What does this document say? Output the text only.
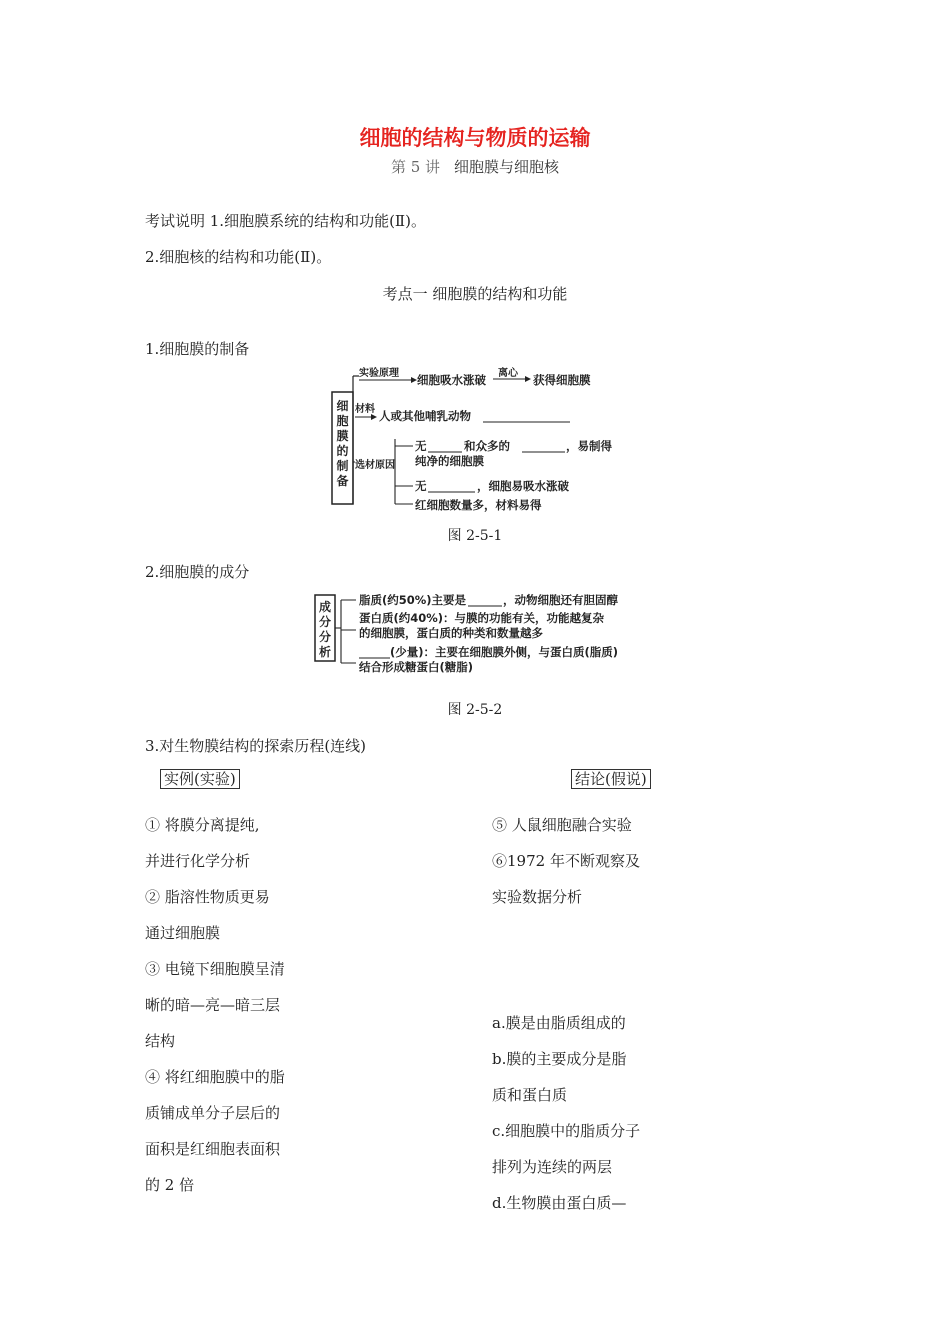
细胞的结构与物质的运输
第 5 讲 细胞膜与细胞核
考试说明 1.细胞膜系统的结构和功能(Ⅱ)。
2.细胞核的结构和功能(Ⅱ)。
考点一 细胞膜的结构和功能
1.细胞膜的制备
细
胞
膜
的
制
备
实验原理 细胞吸水涨破 离心 获得细胞膜
材料 人或其他哺乳动物
选材原因
无	和众多的	，易制得
纯净的细胞膜
无	，细胞易吸水涨破
红细胞数量多，材料易得
图 2-5-1
2.细胞膜的成分
成
分
分
析
脂质(约50%)主要是	，动物细胞还有胆固醇
蛋白质(约40%)：与膜的功能有关，功能越复杂
的细胞膜，蛋白质的种类和数量越多
(少量)：主要在细胞膜外侧，与蛋白质(脂质)
结合形成糖蛋白(糖脂)
图 2-5-2
3.对生物膜结构的探索历程(连线)
实例(实验)	结论(假说)
① 将膜分离提纯,
并进行化学分析
② 脂溶性物质更易
通过细胞膜
③ 电镜下细胞膜呈清
晰的暗—亮—暗三层
结构
④ 将红细胞膜中的脂
质铺成单分子层后的
面积是红细胞表面积
的 2 倍
⑤ 人鼠细胞融合实验
⑥1972 年不断观察及
实验数据分析
a.膜是由脂质组成的
b.膜的主要成分是脂
质和蛋白质
c.细胞膜中的脂质分子
排列为连续的两层
d.生物膜由蛋白质—
